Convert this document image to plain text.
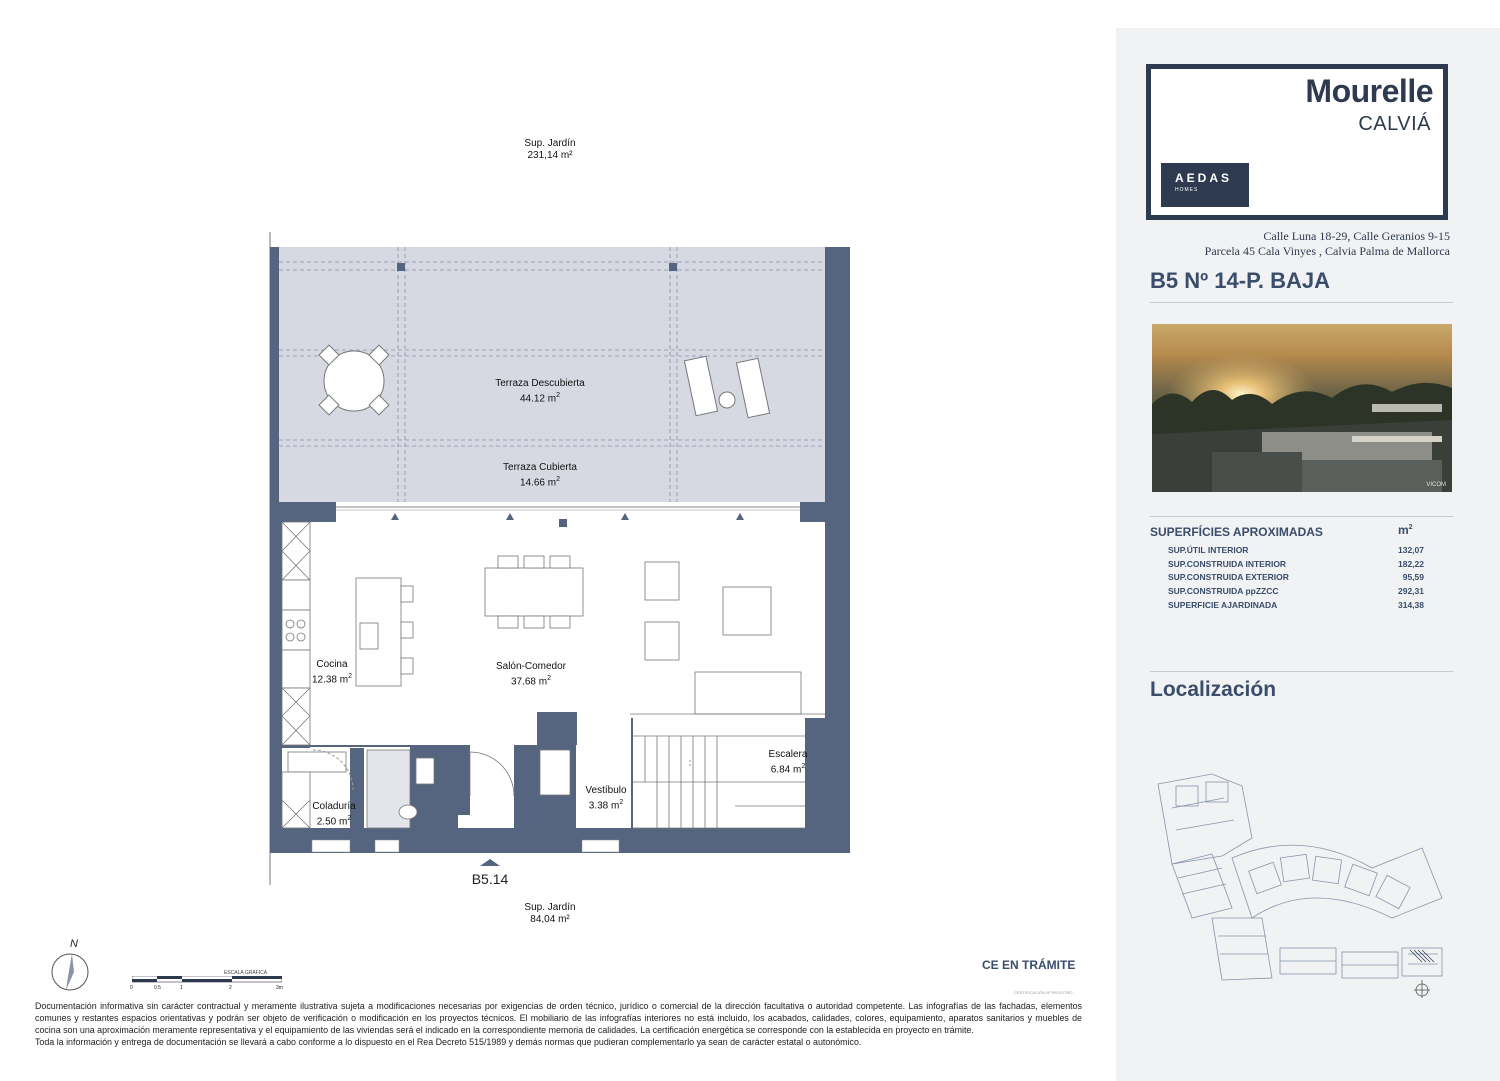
Sup. Jardín
231,14 m²
Terraza Descubierta
44.12 $m^2$
Terraza Cubierta
14.66 $m^2$
Cocina
12.38 $m^2$
Salón-Comedor
37.68 $m^2$
Escalera
6.84 $m^2$
Coladuría
2.50 $m^2$
Vestíbulo
3.38 $m^2$
B5.14
Sup. Jardín
84,04 m²
N
ESCALA GRÁFICA
0	0.5	1	2	3m
CE EN TRÁMITE
CERTIFICACIÓN Nº REGISTRO
Documentación informativa sin carácter contractual y meramente ilustrativa sujeta a modificaciones necesarias por exigencias de orden técnico, jurídico o comercial de la dirección facultativa o autoridad competente. Las infografías de las fachadas, elementos comunes y restantes espacios orientativas y podrán ser objeto de verificación o modificación en los proyectos técnicos. El mobiliario de las infografías interiores no está incluido, los acabados, calidades, colores, equipamiento, aparatos sanitarios y muebles de cocina son una aproximación meramente representativa y el equipamiento de las viviendas será el indicado en la correspondiente memoria de calidades. La certificación energética se corresponde con la establecida en proyecto en trámite.
Toda la información y entrega de documentación se llevará a cabo conforme a lo dispuesto en el Rea Decreto 515/1989 y demás normas que pudieran complementarlo ya sean de carácter estatal o autonómico.
Mourelle
CALVIÁ
AEDAS
HOMES
Calle Luna 18-29, Calle Geranios 9-15
Parcela 45 Cala Vinyes , Calvia Palma de Mallorca
B5 Nº 14-P. BAJA
VICOM
SUPERFÍCIES APROXIMADAS	$m^2$
SUP.ÚTIL INTERIOR	132,07
SUP.CONSTRUIDA INTERIOR	182,22
SUP.CONSTRUIDA EXTERIOR	95,59
SUP.CONSTRUIDA ppZZCC	292,31
SUPERFICIE AJARDINADA	314,38
Localización
